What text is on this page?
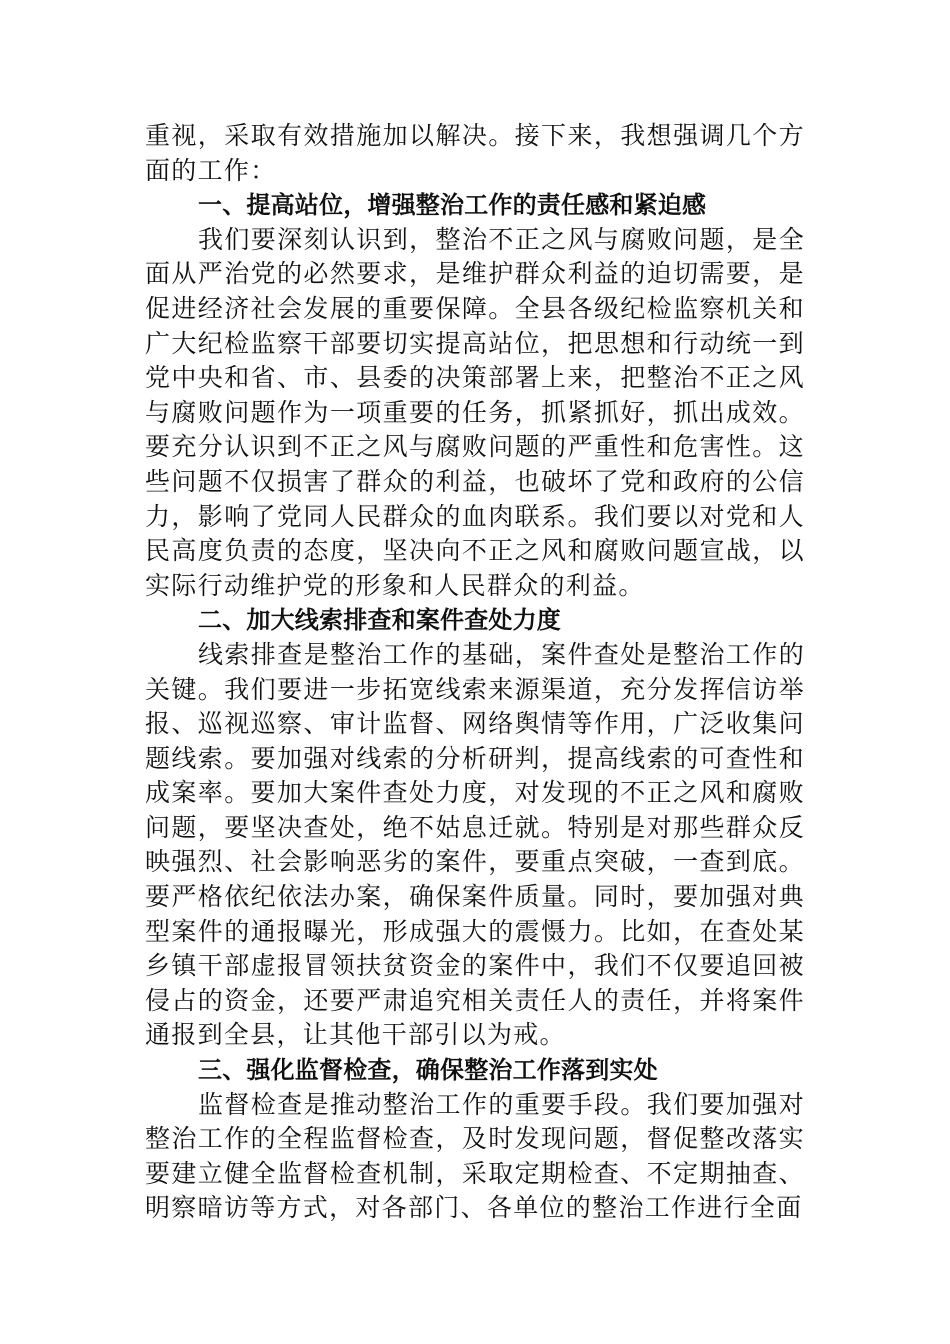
重视，采取有效措施加以解决。接下来，我想强调几个方面的工作：

一、提高站位，增强整治工作的责任感和紧迫感

我们要深刻认识到，整治不正之风与腐败问题，是全面从严治党的必然要求，是维护群众利益的迫切需要，是促进经济社会发展的重要保障。全县各级纪检监察机关和广大纪检监察干部要切实提高站位，把思想和行动统一到党中央和省、市、县委的决策部署上来，把整治不正之风与腐败问题作为一项重要的任务，抓紧抓好，抓出成效。要充分认识到不正之风与腐败问题的严重性和危害性。这些问题不仅损害了群众的利益，也破坏了党和政府的公信力，影响了党同人民群众的血肉联系。我们要以对党和人民高度负责的态度，坚决向不正之风和腐败问题宣战，以实际行动维护党的形象和人民群众的利益。

二、加大线索排查和案件查处力度

线索排查是整治工作的基础，案件查处是整治工作的关键。我们要进一步拓宽线索来源渠道，充分发挥信访举报、巡视巡察、审计监督、网络舆情等作用，广泛收集问题线索。要加强对线索的分析研判，提高线索的可查性和成案率。要加大案件查处力度，对发现的不正之风和腐败问题，要坚决查处，绝不姑息迁就。特别是对那些群众反映强烈、社会影响恶劣的案件，要重点突破，一查到底。要严格依纪依法办案，确保案件质量。同时，要加强对典型案件的通报曝光，形成强大的震慑力。比如，在查处某乡镇干部虚报冒领扶贫资金的案件中，我们不仅要追回被侵占的资金，还要严肃追究相关责任人的责任，并将案件通报到全县，让其他干部引以为戒。

三、强化监督检查，确保整治工作落到实处

监督检查是推动整治工作的重要手段。我们要加强对整治工作的全程监督检查，及时发现问题，督促整改落实要建立健全监督检查机制，采取定期检查、不定期抽查、明察暗访等方式，对各部门、各单位的整治工作进行全面
